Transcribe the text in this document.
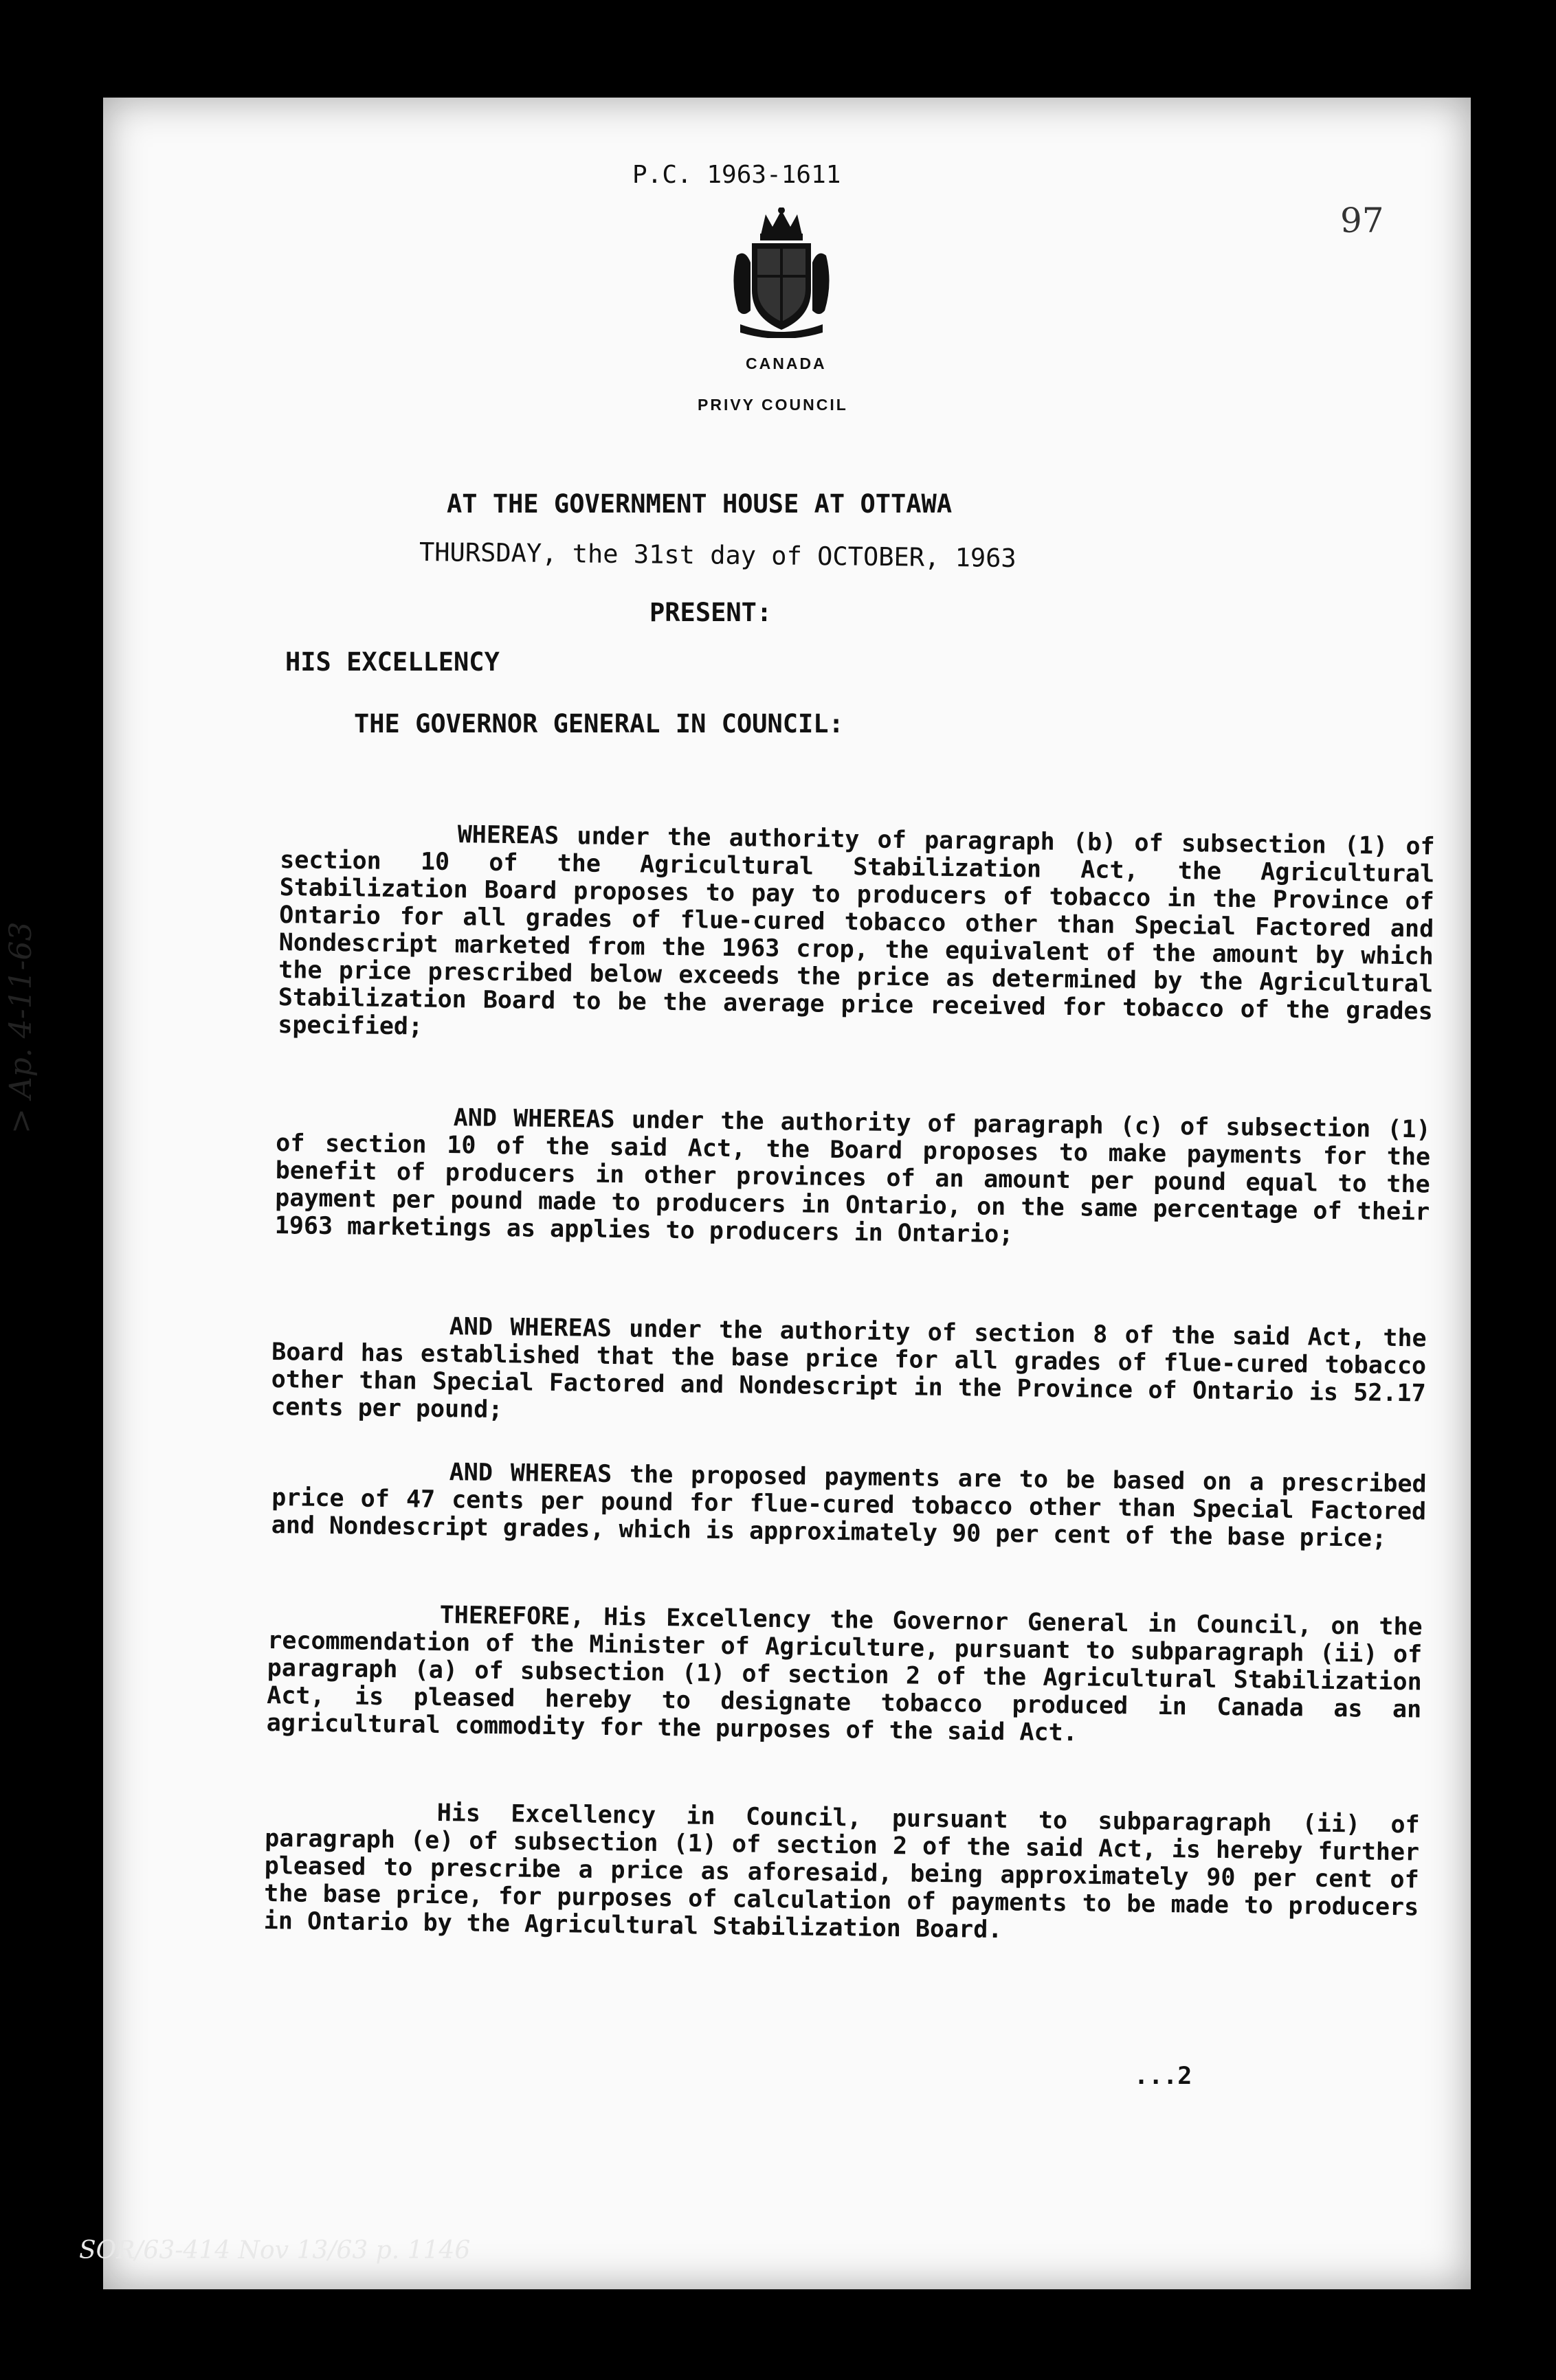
P.C. 1963-1611
97
CANADA
PRIVY COUNCIL
AT THE GOVERNMENT HOUSE AT OTTAWA
THURSDAY, the 31st day of OCTOBER, 1963
PRESENT:
HIS EXCELLENCY
THE GOVERNOR GENERAL IN COUNCIL:

WHEREAS under the authority of paragraph (b) of subsection (1) of section 10 of the Agricultural Stabilization Act, the Agricultural Stabilization Board proposes to pay to producers of tobacco in the Province of Ontario for all grades of flue-cured tobacco other than Special Factored and Nondescript marketed from the 1963 crop, the equivalent of the amount by which the price prescribed below exceeds the price as determined by the Agricultural Stabilization Board to be the average price received for tobacco of the grades specified;

AND WHEREAS under the authority of paragraph (c) of subsection (1) of section 10 of the said Act, the Board proposes to make payments for the benefit of producers in other provinces of an amount per pound equal to the payment per pound made to producers in Ontario, on the same percentage of their 1963 marketings as applies to producers in Ontario;

AND WHEREAS under the authority of section 8 of the said Act, the Board has established that the base price for all grades of flue-cured tobacco other than Special Factored and Nondescript in the Province of Ontario is 52.17 cents per pound;

AND WHEREAS the proposed payments are to be based on a prescribed price of 47 cents per pound for flue-cured tobacco other than Special Factored and Nondescript grades, which is approximately 90 per cent of the base price;

THEREFORE, His Excellency the Governor General in Council, on the recommendation of the Minister of Agriculture, pursuant to subparagraph (ii) of paragraph (a) of subsection (1) of section 2 of the Agricultural Stabilization Act, is pleased hereby to designate tobacco produced in Canada as an agricultural commodity for the purposes of the said Act.

His Excellency in Council, pursuant to subparagraph (ii) of paragraph (e) of subsection (1) of section 2 of the said Act, is hereby further pleased to prescribe a price as aforesaid, being approximately 90 per cent of the base price, for purposes of calculation of payments to be made to producers in Ontario by the Agricultural Stabilization Board.

...2
> Ap. 4-11-63
SOR/63-414 Nov 13/63 p. 1146
